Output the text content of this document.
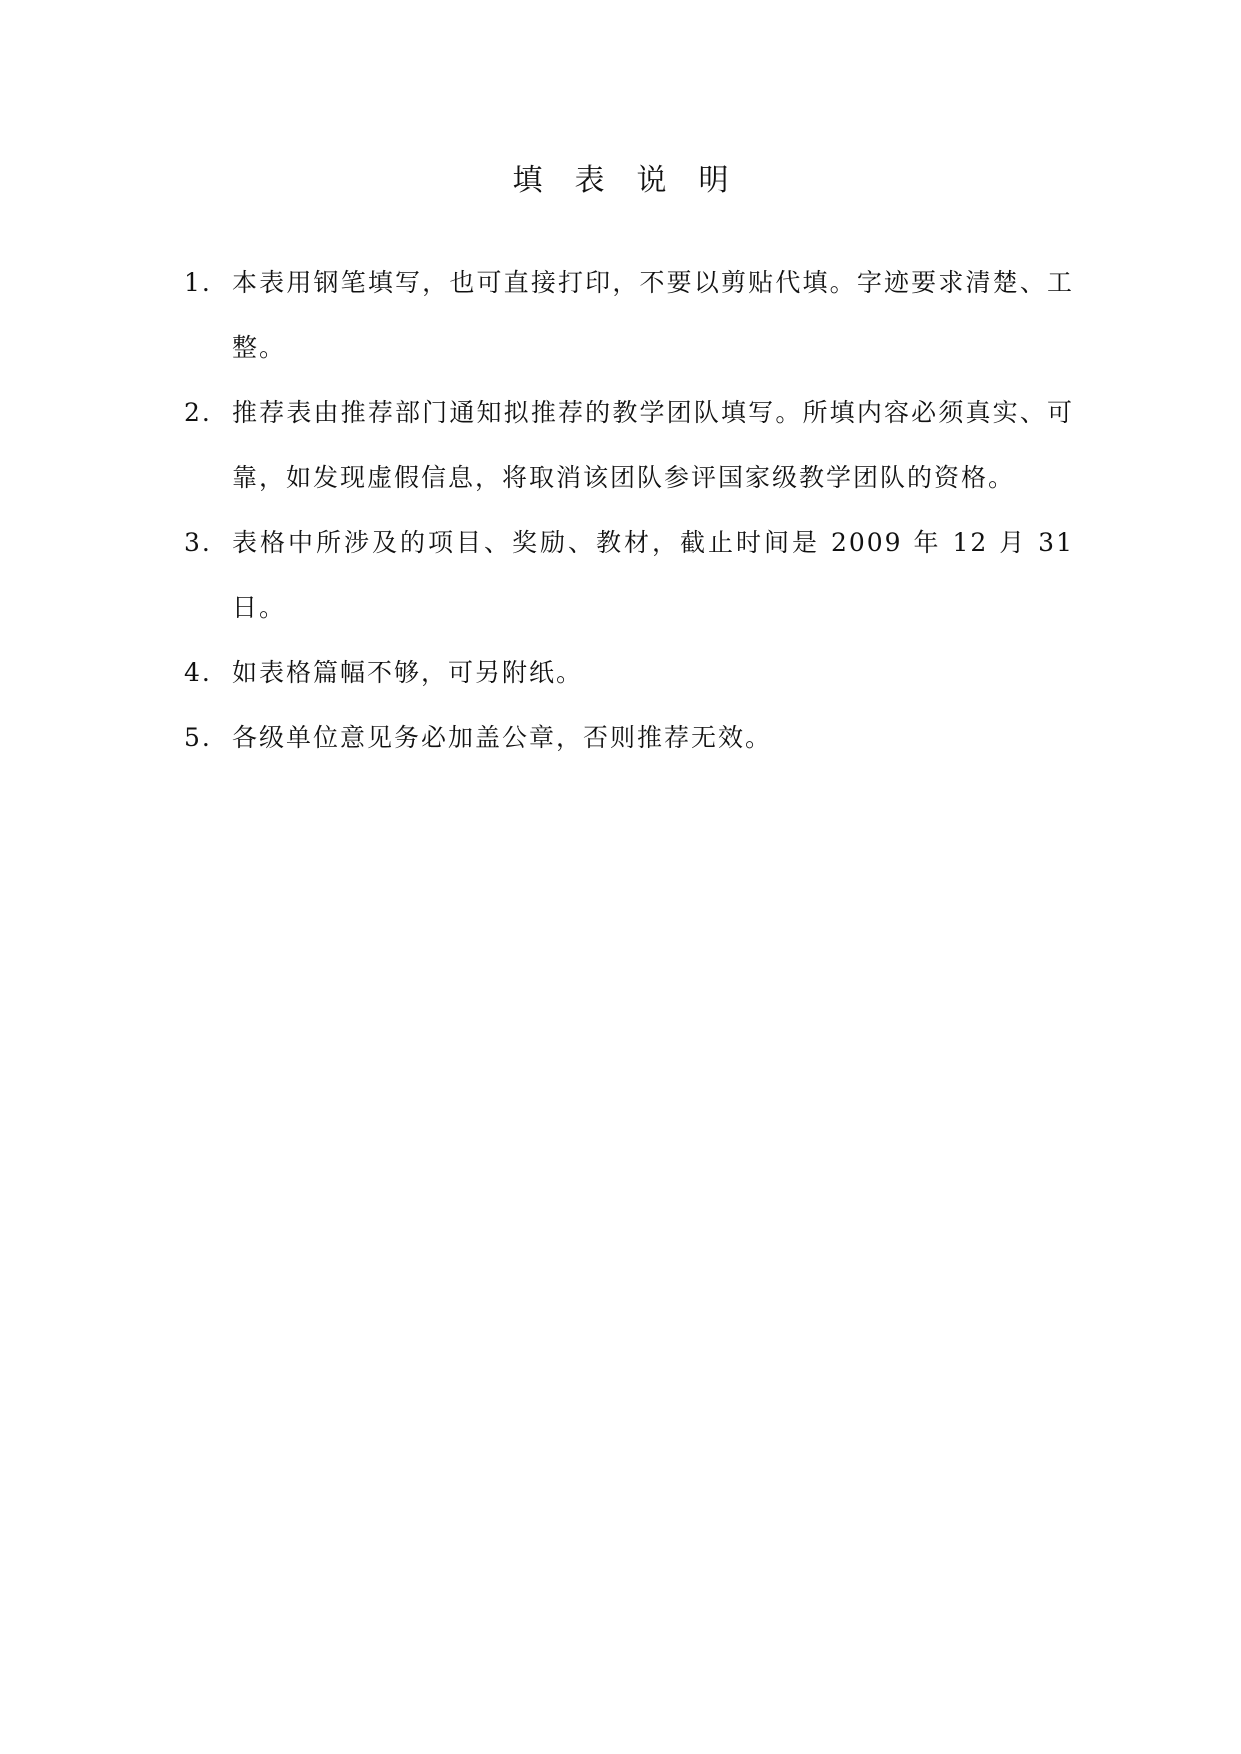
填表说明
1. 本表用钢笔填写，也可直接打印，不要以剪贴代填。字迹要求清楚、工整。
2. 推荐表由推荐部门通知拟推荐的教学团队填写。所填内容必须真实、可靠，如发现虚假信息，将取消该团队参评国家级教学团队的资格。
3. 表格中所涉及的项目、奖励、教材，截止时间是 2009 年 12 月 31 日。
4. 如表格篇幅不够，可另附纸。
5. 各级单位意见务必加盖公章，否则推荐无效。
